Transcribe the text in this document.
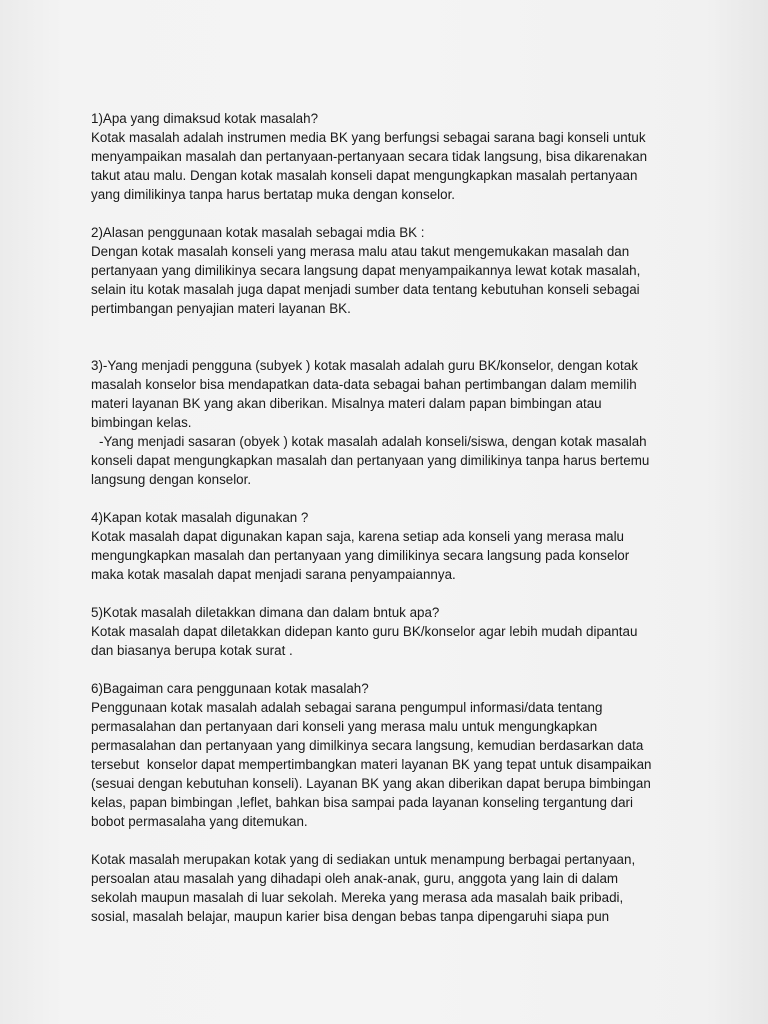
1)Apa yang dimaksud kotak masalah?
Kotak masalah adalah instrumen media BK yang berfungsi sebagai sarana bagi konseli untuk
menyampaikan masalah dan pertanyaan-pertanyaan secara tidak langsung, bisa dikarenakan
takut atau malu. Dengan kotak masalah konseli dapat mengungkapkan masalah pertanyaan
yang dimilikinya tanpa harus bertatap muka dengan konselor.
2)Alasan penggunaan kotak masalah sebagai mdia BK :
Dengan kotak masalah konseli yang merasa malu atau takut mengemukakan masalah dan
pertanyaan yang dimilikinya secara langsung dapat menyampaikannya lewat kotak masalah,
selain itu kotak masalah juga dapat menjadi sumber data tentang kebutuhan konseli sebagai
pertimbangan penyajian materi layanan BK.
3)-Yang menjadi pengguna (subyek ) kotak masalah adalah guru BK/konselor, dengan kotak
masalah konselor bisa mendapatkan data-data sebagai bahan pertimbangan dalam memilih
materi layanan BK yang akan diberikan. Misalnya materi dalam papan bimbingan atau
bimbingan kelas.
-Yang menjadi sasaran (obyek ) kotak masalah adalah konseli/siswa, dengan kotak masalah
konseli dapat mengungkapkan masalah dan pertanyaan yang dimilikinya tanpa harus bertemu
langsung dengan konselor.
4)Kapan kotak masalah digunakan ?
Kotak masalah dapat digunakan kapan saja, karena setiap ada konseli yang merasa malu
mengungkapkan masalah dan pertanyaan yang dimilikinya secara langsung pada konselor
maka kotak masalah dapat menjadi sarana penyampaiannya.
5)Kotak masalah diletakkan dimana dan dalam bntuk apa?
Kotak masalah dapat diletakkan didepan kanto guru BK/konselor agar lebih mudah dipantau
dan biasanya berupa kotak surat .
6)Bagaiman cara penggunaan kotak masalah?
Penggunaan kotak masalah adalah sebagai sarana pengumpul informasi/data tentang
permasalahan dan pertanyaan dari konseli yang merasa malu untuk mengungkapkan
permasalahan dan pertanyaan yang dimilkinya secara langsung, kemudian berdasarkan data
tersebut  konselor dapat mempertimbangkan materi layanan BK yang tepat untuk disampaikan
(sesuai dengan kebutuhan konseli). Layanan BK yang akan diberikan dapat berupa bimbingan
kelas, papan bimbingan ,leflet, bahkan bisa sampai pada layanan konseling tergantung dari
bobot permasalaha yang ditemukan.
Kotak masalah merupakan kotak yang di sediakan untuk menampung berbagai pertanyaan,
persoalan atau masalah yang dihadapi oleh anak-anak, guru, anggota yang lain di dalam
sekolah maupun masalah di luar sekolah. Mereka yang merasa ada masalah baik pribadi,
sosial, masalah belajar, maupun karier bisa dengan bebas tanpa dipengaruhi siapa pun
